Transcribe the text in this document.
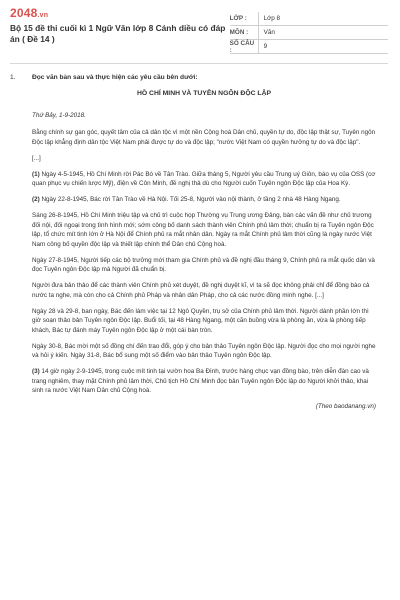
2048.vn
Bộ 15 đề thi cuối kì 1 Ngữ Văn lớp 8 Cánh diều có đáp án ( Đề 14 )
LỚP :	Lớp 8
MÔN :	Văn
SỐ CÂU :	9
1.	Đọc văn bản sau và thực hiện các yêu cầu bên dưới:
HỒ CHÍ MINH VÀ TUYÊN NGÔN ĐỘC LẬP

Thứ Bảy, 1-9-2018.

Bằng chính sự gan góc, quyết tâm của cả dân tộc vì một nền Cộng hoà Dân chủ, quyền tự do, độc lập thật sự, Tuyên ngôn Độc lập khẳng định dân tộc Việt Nam phải được tự do và độc lập; "nước Việt Nam có quyền hưởng tự do và độc lập".

[...]

(1) Ngày 4-5-1945, Hồ Chí Minh rời Pác Bó về Tân Trào. Giữa tháng 5, Người yêu cầu Trung uý Giôn, báo vụ của OSS (cơ quan phục vụ chiến lược Mỹ), điện về Côn Minh, đề nghị thả dù cho Người cuốn Tuyên ngôn Độc lập của Hoa Kỳ.

(2) Ngày 22-8-1945, Bác rời Tân Trào về Hà Nội. Tối 25-8, Người vào nội thành, ở tầng 2 nhà 48 Hàng Ngang.

Sáng 26-8-1945, Hồ Chí Minh triệu tập và chủ trì cuộc họp Thường vụ Trung ương Đảng, bàn các vấn đề như chủ trương đối nội, đối ngoại trong tình hình mới; sớm công bố danh sách thành viên Chính phủ lâm thời; chuẩn bị ra Tuyên ngôn Độc lập, tổ chức mít tinh lớn ở Hà Nội để Chính phủ ra mắt nhân dân. Ngày ra mắt Chính phủ lâm thời cũng là ngày nước Việt Nam công bố quyền độc lập và thiết lập chính thể Dân chủ Cộng hoà.

Ngày 27-8-1945, Người tiếp các bộ trưởng mới tham gia Chính phủ và đề nghị đầu tháng 9, Chính phủ ra mắt quốc dân và đọc Tuyên ngôn Độc lập mà Người đã chuẩn bị.

Người đưa bản thảo để các thành viên Chính phủ xét duyệt, đề nghị duyệt kĩ, vì ta sẽ đọc không phải chỉ để đồng bào cả nước ta nghe, mà còn cho cả Chính phủ Pháp và nhân dân Pháp, cho cả các nước đồng minh nghe. [...]

Ngày 28 và 29-8, ban ngày, Bác đến làm việc tại 12 Ngô Quyền, trụ sở của Chính phủ lâm thời. Người dành phần lớn thì giờ soạn thảo bản Tuyên ngôn Độc lập. Buổi tối, tại 48 Hàng Ngang, một căn buồng vừa là phòng ăn, vừa là phòng tiếp khách, Bác tự đánh máy Tuyên ngôn Độc lập ở một cái bàn tròn.

Ngày 30-8, Bác mời một số đồng chí đến trao đổi, góp ý cho bản thảo Tuyên ngôn Độc lập. Người đọc cho mọi người nghe và hỏi ý kiến. Ngày 31-8, Bác bổ sung một số điểm vào bản thảo Tuyên ngôn Độc lập.

(3) 14 giờ ngày 2-9-1945, trong cuộc mít tinh tại vườn hoa Ba Đình, trước hàng chục vạn đồng bào, trên diễn đàn cao và trang nghiêm, thay mặt Chính phủ lâm thời, Chủ tịch Hồ Chí Minh đọc bản Tuyên ngôn Độc lập do Người khởi thảo, khai sinh ra nước Việt Nam Dân chủ Cộng hoà.

(Theo baodanang.vn)
